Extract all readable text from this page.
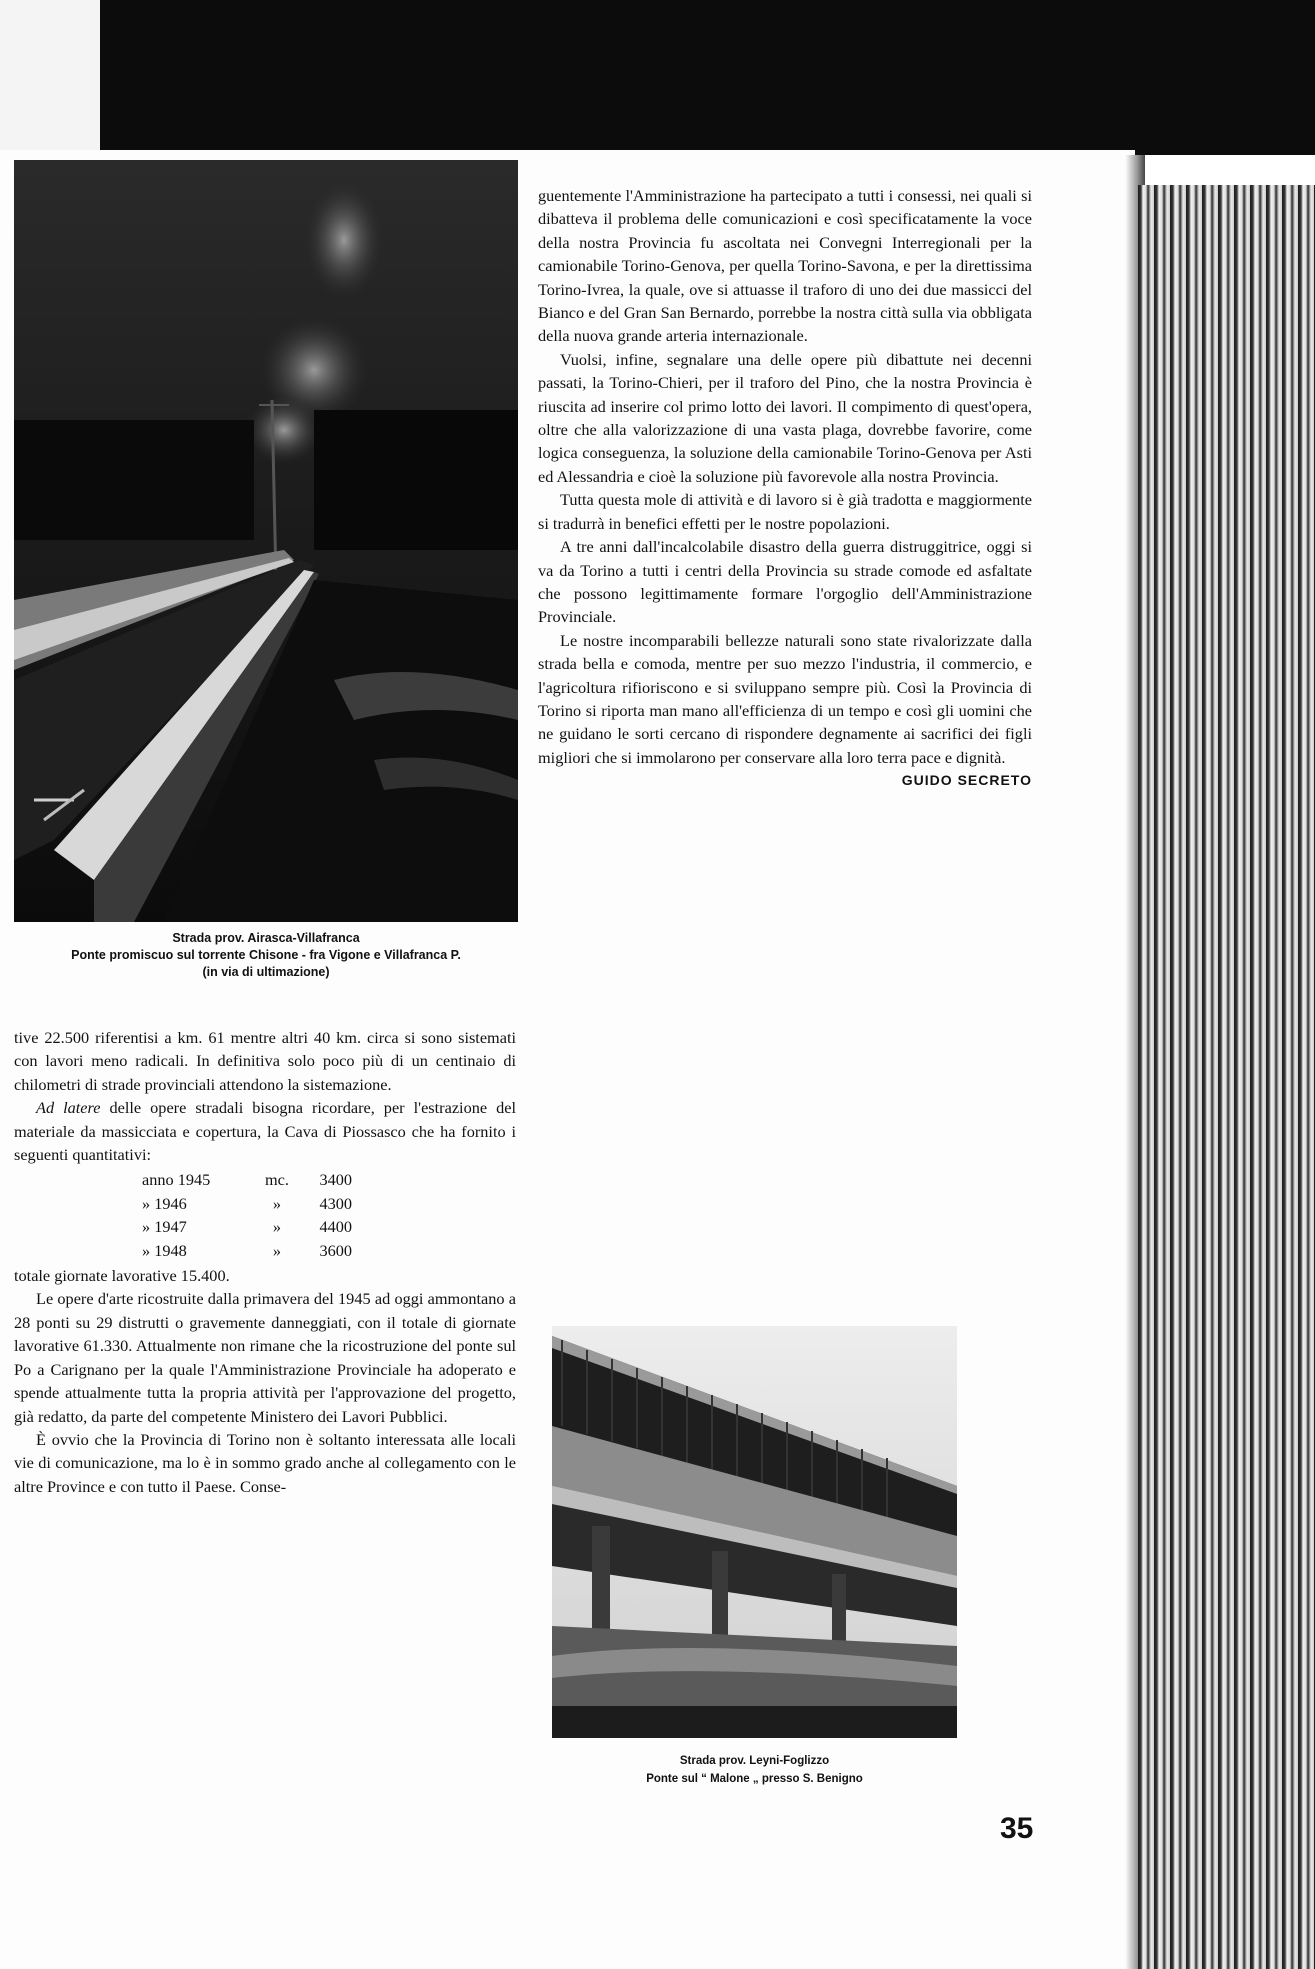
Strada prov. Airasca-Villafranca
Ponte promiscuo sul torrente Chisone - fra Vigone e Villafranca P.
(in via di ultimazione)

tive 22.500 riferentisi a km. 61 mentre altri 40 km. circa si sono sistemati con lavori meno radicali. In definitiva solo poco più di un centinaio di chilometri di strade provinciali attendono la sistemazione.

Ad latere delle opere stradali bisogna ricordare, per l'estrazione del materiale da massicciata e copertura, la Cava di Piossasco che ha fornito i seguenti quantitativi:

anno 1945	mc.	3400
» 1946	»	4300
» 1947	»	4400
» 1948	»	3600

totale giornate lavorative 15.400.

Le opere d'arte ricostruite dalla primavera del 1945 ad oggi ammontano a 28 ponti su 29 distrutti o gravemente danneggiati, con il totale di giornate lavorative 61.330. Attualmente non rimane che la ricostruzione del ponte sul Po a Carignano per la quale l'Amministrazione Provinciale ha adoperato e spende attualmente tutta la propria attività per l'approvazione del progetto, già redatto, da parte del competente Ministero dei Lavori Pubblici.

È ovvio che la Provincia di Torino non è soltanto interessata alle locali vie di comunicazione, ma lo è in sommo grado anche al collegamento con le altre Province e con tutto il Paese. Conse-

guentemente l'Amministrazione ha partecipato a tutti i consessi, nei quali si dibatteva il problema delle comunicazioni e così specificatamente la voce della nostra Provincia fu ascoltata nei Convegni Interregionali per la camionabile Torino-Genova, per quella Torino-Savona, e per la direttissima Torino-Ivrea, la quale, ove si attuasse il traforo di uno dei due massicci del Bianco e del Gran San Bernardo, porrebbe la nostra città sulla via obbligata della nuova grande arteria internazionale.

Vuolsi, infine, segnalare una delle opere più dibattute nei decenni passati, la Torino-Chieri, per il traforo del Pino, che la nostra Provincia è riuscita ad inserire col primo lotto dei lavori. Il compimento di quest'opera, oltre che alla valorizzazione di una vasta plaga, dovrebbe favorire, come logica conseguenza, la soluzione della camionabile Torino-Genova per Asti ed Alessandria e cioè la soluzione più favorevole alla nostra Provincia.

Tutta questa mole di attività e di lavoro si è già tradotta e maggiormente si tradurrà in benefici effetti per le nostre popolazioni.

A tre anni dall'incalcolabile disastro della guerra distruggitrice, oggi si va da Torino a tutti i centri della Provincia su strade comode ed asfaltate che possono legittimamente formare l'orgoglio dell'Amministrazione Provinciale.

Le nostre incomparabili bellezze naturali sono state rivalorizzate dalla strada bella e comoda, mentre per suo mezzo l'industria, il commercio, e l'agricoltura rifioriscono e si sviluppano sempre più. Così la Provincia di Torino si riporta man mano all'efficienza di un tempo e così gli uomini che ne guidano le sorti cercano di rispondere degnamente ai sacrifici dei figli migliori che si immolarono per conservare alla loro terra pace e dignità.

GUIDO SECRETO

Strada prov. Leyni-Foglizzo
Ponte sul “ Malone „ presso S. Benigno
35
